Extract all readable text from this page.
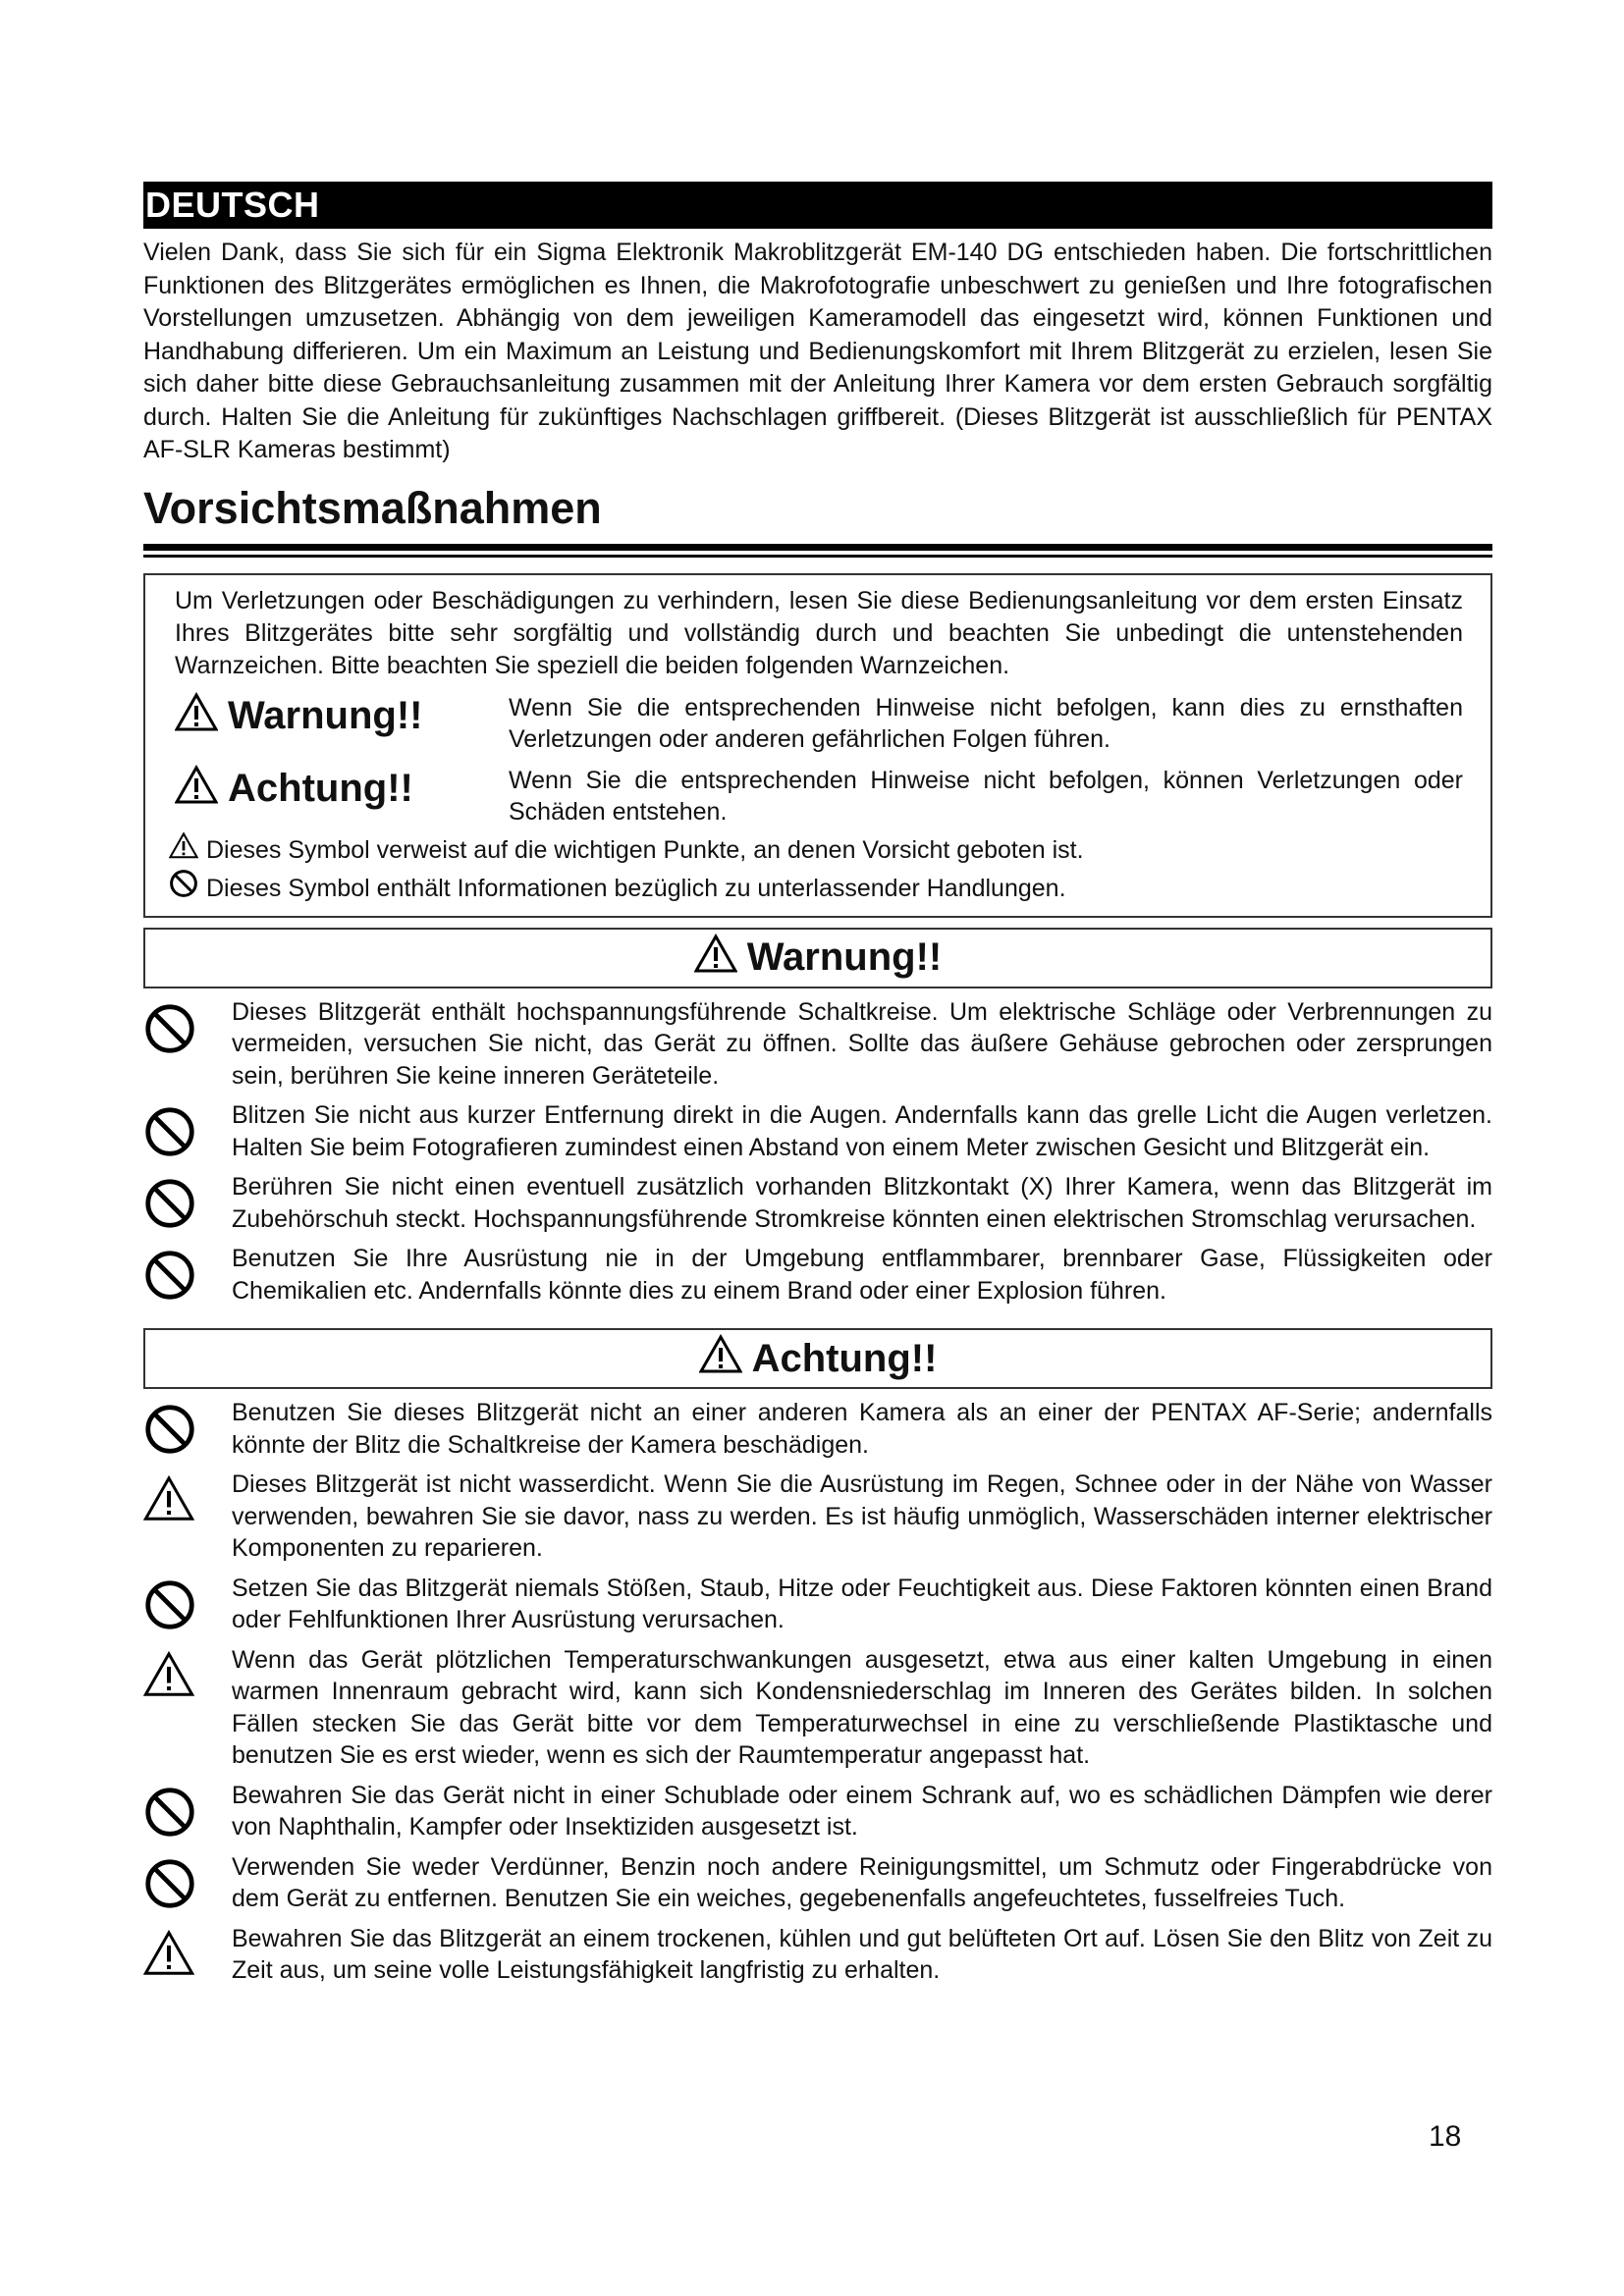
DEUTSCH
Vielen Dank, dass Sie sich für ein Sigma Elektronik Makroblitzgerät EM-140 DG entschieden haben. Die fortschrittlichen Funktionen des Blitzgerätes ermöglichen es Ihnen, die Makrofotografie unbeschwert zu genießen und Ihre fotografischen Vorstellungen umzusetzen. Abhängig von dem jeweiligen Kameramodell das eingesetzt wird, können Funktionen und Handhabung differieren. Um ein Maximum an Leistung und Bedienungskomfort mit Ihrem Blitzgerät zu erzielen, lesen Sie sich daher bitte diese Gebrauchsanleitung zusammen mit der Anleitung Ihrer Kamera vor dem ersten Gebrauch sorgfältig durch. Halten Sie die Anleitung für zukünftiges Nachschlagen griffbereit. (Dieses Blitzgerät ist ausschließlich für PENTAX AF-SLR Kameras bestimmt)
Vorsichtsmaßnahmen
Um Verletzungen oder Beschädigungen zu verhindern, lesen Sie diese Bedienungsanleitung vor dem ersten Einsatz Ihres Blitzgerätes bitte sehr sorgfältig und vollständig durch und beachten Sie unbedingt die untenstehenden Warnzeichen. Bitte beachten Sie speziell die beiden folgenden Warnzeichen.
Warnung!!	Wenn Sie die entsprechenden Hinweise nicht befolgen, kann dies zu ernsthaften Verletzungen oder anderen gefährlichen Folgen führen.
Achtung!!	Wenn Sie die entsprechenden Hinweise nicht befolgen, können Verletzungen oder Schäden entstehen.
Dieses Symbol verweist auf die wichtigen Punkte, an denen Vorsicht geboten ist.
Dieses Symbol enthält Informationen bezüglich zu unterlassender Handlungen.
Warnung!!
Dieses Blitzgerät enthält hochspannungsführende Schaltkreise. Um elektrische Schläge oder Verbrennungen zu vermeiden, versuchen Sie nicht, das Gerät zu öffnen. Sollte das äußere Gehäuse gebrochen oder zersprungen sein, berühren Sie keine inneren Geräteteile.
Blitzen Sie nicht aus kurzer Entfernung direkt in die Augen. Andernfalls kann das grelle Licht die Augen verletzen. Halten Sie beim Fotografieren zumindest einen Abstand von einem Meter zwischen Gesicht und Blitzgerät ein.
Berühren Sie nicht einen eventuell zusätzlich vorhanden Blitzkontakt (X) Ihrer Kamera, wenn das Blitzgerät im Zubehörschuh steckt. Hochspannungsführende Stromkreise könnten einen elektrischen Stromschlag verursachen.
Benutzen Sie Ihre Ausrüstung nie in der Umgebung entflammbarer, brennbarer Gase, Flüssigkeiten oder Chemikalien etc. Andernfalls könnte dies zu einem Brand oder einer Explosion führen.
Achtung!!
Benutzen Sie dieses Blitzgerät nicht an einer anderen Kamera als an einer der PENTAX AF-Serie; andernfalls könnte der Blitz die Schaltkreise der Kamera beschädigen.
Dieses Blitzgerät ist nicht wasserdicht. Wenn Sie die Ausrüstung im Regen, Schnee oder in der Nähe von Wasser verwenden, bewahren Sie sie davor, nass zu werden. Es ist häufig unmöglich, Wasserschäden interner elektrischer Komponenten zu reparieren.
Setzen Sie das Blitzgerät niemals Stößen, Staub, Hitze oder Feuchtigkeit aus. Diese Faktoren könnten einen Brand oder Fehlfunktionen Ihrer Ausrüstung verursachen.
Wenn das Gerät plötzlichen Temperaturschwankungen ausgesetzt, etwa aus einer kalten Umgebung in einen warmen Innenraum gebracht wird, kann sich Kondensniederschlag im Inneren des Gerätes bilden. In solchen Fällen stecken Sie das Gerät bitte vor dem Temperaturwechsel in eine zu verschließende Plastiktasche und benutzen Sie es erst wieder, wenn es sich der Raumtemperatur angepasst hat.
Bewahren Sie das Gerät nicht in einer Schublade oder einem Schrank auf, wo es schädlichen Dämpfen wie derer von Naphthalin, Kampfer oder Insektiziden ausgesetzt ist.
Verwenden Sie weder Verdünner, Benzin noch andere Reinigungsmittel, um Schmutz oder Fingerabdrücke von dem Gerät zu entfernen. Benutzen Sie ein weiches, gegebenenfalls angefeuchtetes, fusselfreies Tuch.
Bewahren Sie das Blitzgerät an einem trockenen, kühlen und gut belüfteten Ort auf. Lösen Sie den Blitz von Zeit zu Zeit aus, um seine volle Leistungsfähigkeit langfristig zu erhalten.
18
